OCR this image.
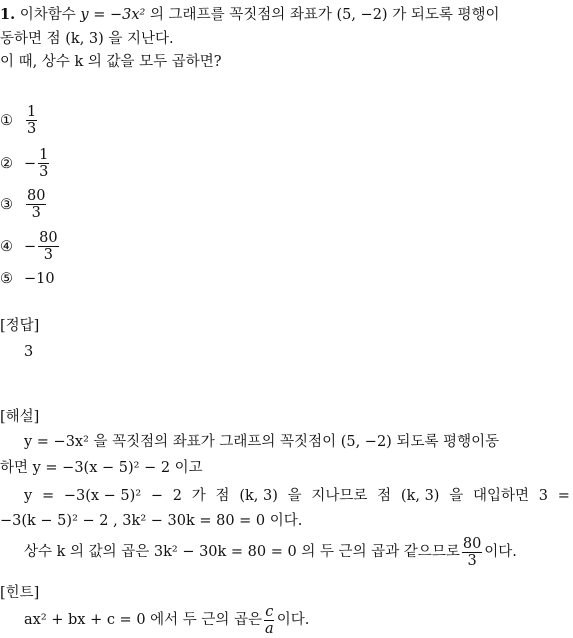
1. 이차함수 y = −3x² 의 그래프를 꼭짓점의 좌표가 (5, −2) 가 되도록 평행이
동하면 점 (k, 3) 을 지난다.
이 때, 상수 k 의 값을 모두 곱하면?
① $\frac{1}{3}$
② − $\frac{1}{3}$
③ $\frac{80}{3}$
④ − $\frac{80}{3}$
⑤ −10
[정답]
3
[해설]
y = −3x² 을 꼭짓점의 좌표가 그래프의 꼭짓점이 (5, −2) 되도록 평행이동
하면 y = −3(x − 5)² − 2 이고
y = −3(x − 5)² − 2 가 점 (k, 3) 을 지나므로 점 (k, 3) 을 대입하면 3 =
−3(k − 5)² − 2 , 3k² − 30k = 80 = 0 이다.
상수 k 의 값의 곱은 3k² − 30k = 80 = 0 의 두 근의 곱과 같으므로 $\frac{80}{3}$ 이다.
[힌트]
ax² + bx + c = 0 에서 두 근의 곱은 $\frac{c}{a}$ 이다.
